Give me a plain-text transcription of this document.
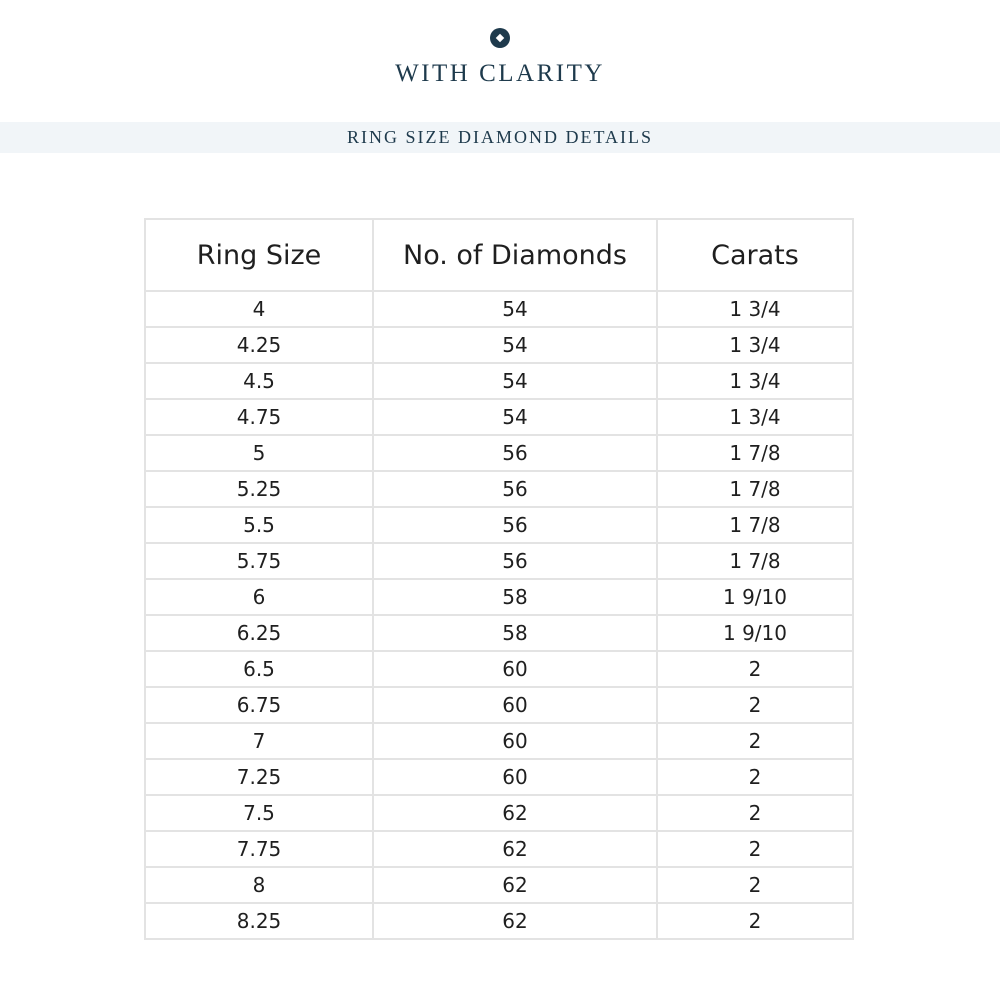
WITH CLARITY
RING SIZE DIAMOND DETAILS
Ring Size	No. of Diamonds	Carats
4	54	1 3/4
4.25	54	1 3/4
4.5	54	1 3/4
4.75	54	1 3/4
5	56	1 7/8
5.25	56	1 7/8
5.5	56	1 7/8
5.75	56	1 7/8
6	58	1 9/10
6.25	58	1 9/10
6.5	60	2
6.75	60	2
7	60	2
7.25	60	2
7.5	62	2
7.75	62	2
8	62	2
8.25	62	2
